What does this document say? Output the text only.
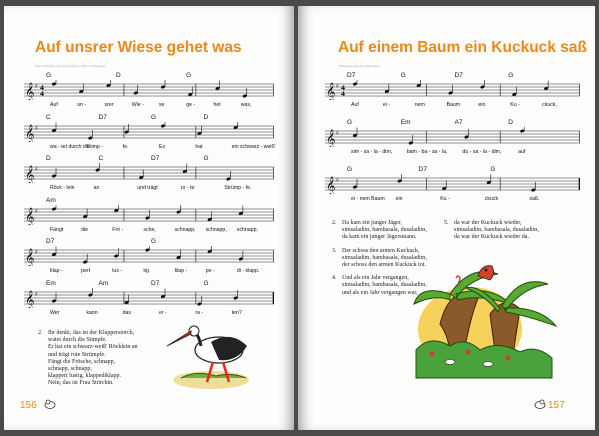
Auf unsrer Wiese gehet was
Text & Melodie: aus Deutschland, 1840 / Volksliedgut
G	D	G
𝄞 ♯ 4
4
Auf	un -	srer	Wie -	se	ge -	het	was,
C	D7	G	D
𝄞 ♯
wa - tet durch die
Sümp -	fe.	Es	hat	ein schwarz - weiß'
D	C	D7	G
𝄞 ♯
Röck - lein	an	und trägt	ro - te	Strümp - fe.
Am
𝄞 ♯
Fängt	die	Frö -	sche,	schnapp, schnapp, schnapp,
D7	G
𝄞 ♯
klap -	pert	lus -	tig	klap -	pe -	di - klapp.
Em	Am	D7	G
𝄞 ♯
Wer	kann	das	er -	ra -	ten?
2. Ihr denkt, das ist der Klapperstorch,
watet durch die Sümpfe.
Er hat ein schwarz-weiß' Röcklein an
und trägt rote Strümpfe.
Fängt die Frösche, schnapp,
schnapp, schnapp,
klappert lustig, klappediklapp.
Nein, das ist Frau Störchin.
156
Auf einem Baum ein Kuckuck saß
Volksweise aus dem Rheinland
D7	G	D7	G
𝄞 ♯ 4
4
Auf	ei -	nem	Baum	ein	Ku -	ckuck,
G	Em	A7	D
𝄞 ♯
sim - sa - la - dim,	bam - ba - sa - la,	du - sa - la - dim,	auf
G	D7	G
𝄞 ♯
ei - nem Baum ein	Ku -	ckuck	saß.
2. Da kam ein junger Jäger,
simsaladim, bambasala, dusaladim,
da kam ein junger Jägersmann.
3. Der schoss den armen Kuckuck,
simsaladim, bambasala, dusaladim,
der schoss den armen Kuckuck tot.
4. Und als ein Jahr vergangen,
simsaladim, bambasala, dusaladim,
und als ein Jahr vergangen war,
5. da war der Kuckuck wieder,
simsaladim, bambasala, dusaladim,
da war der Kuckuck wieder da.
157
